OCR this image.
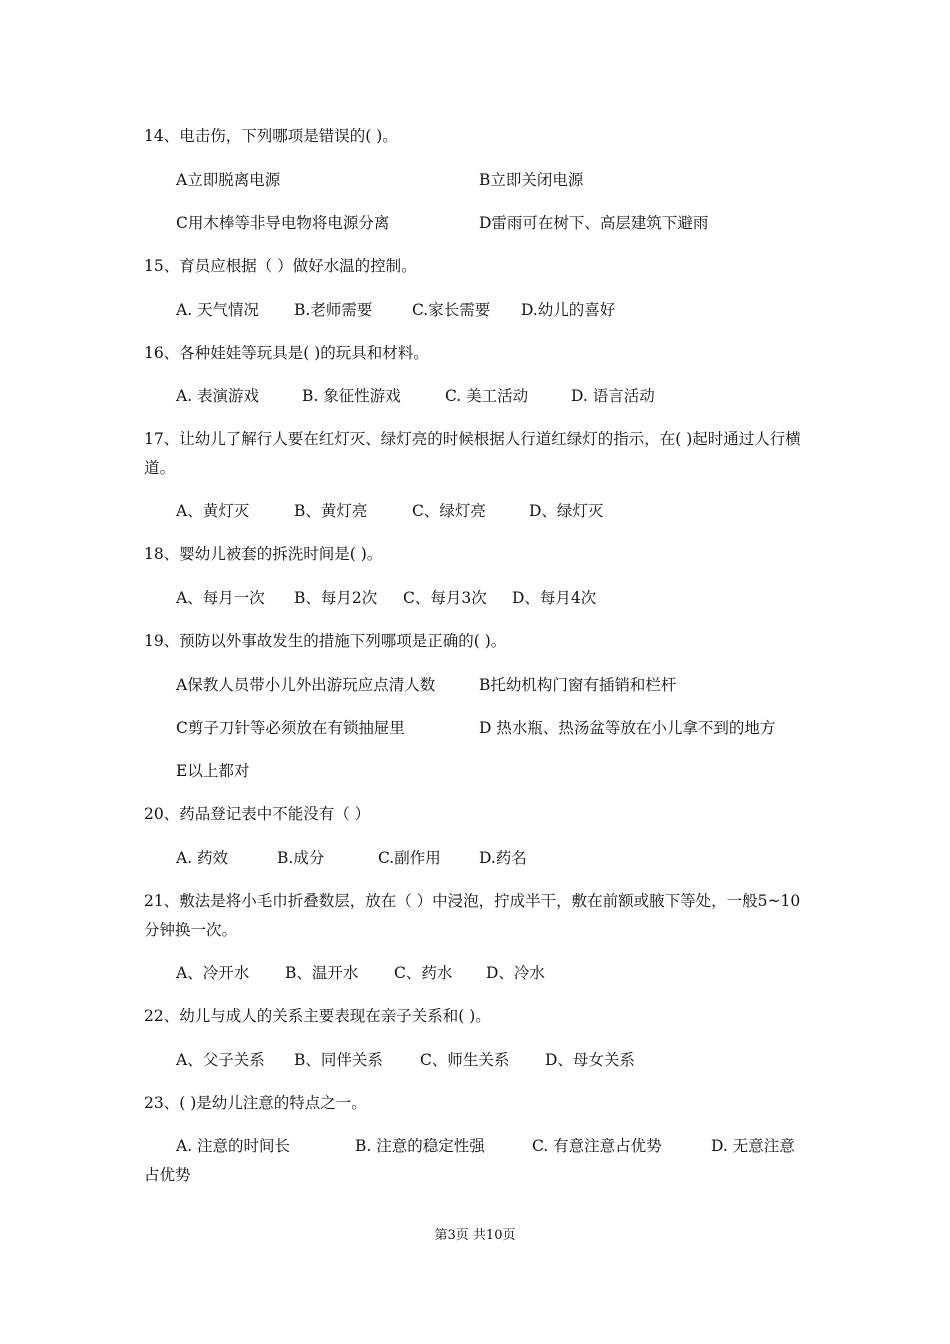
14、电击伤，下列哪项是错误的( )。

A立即脱离电源	B立即关闭电源
C用木棒等非导电物将电源分离	D雷雨可在树下、高层建筑下避雨

15、育员应根据（ ）做好水温的控制。

A. 天气情况 B.老师需要	C.家长需要 D.幼儿的喜好

16、各种娃娃等玩具是( )的玩具和材料。

A. 表演游戏	B. 象征性游戏	C. 美工活动	D. 语言活动

17、让幼儿了解行人要在红灯灭、绿灯亮的时候根据人行道红绿灯的指示，在( )起时通过人行横道。

A、黄灯灭	B、黄灯亮	C、绿灯亮	D、绿灯灭

18、婴幼儿被套的拆洗时间是( )。

A、每月一次 B、每月2次 C、每月3次 D、每月4次

19、预防以外事故发生的措施下列哪项是正确的( )。

A保教人员带小儿外出游玩应点清人数	B托幼机构门窗有插销和栏杆
C剪子刀针等必须放在有锁抽屉里	D 热水瓶、热汤盆等放在小儿拿不到的地方
E以上都对

20、药品登记表中不能没有（ ）

A. 药效	B.成分	C.副作用 D.药名

21、敷法是将小毛巾折叠数层，放在（ ）中浸泡，拧成半干，敷在前额或腋下等处，一般5~10分钟换一次。

A、冷开水 B、温开水 C、药水 D、冷水

22、幼儿与成人的关系主要表现在亲子关系和( )。

A、父子关系 B、同伴关系 C、师生关系 D、母女关系

23、( )是幼儿注意的特点之一。

A. 注意的时间长	B. 注意的稳定性强	C. 有意注意占优势	D. 无意注意

占优势

第3页 共10页
